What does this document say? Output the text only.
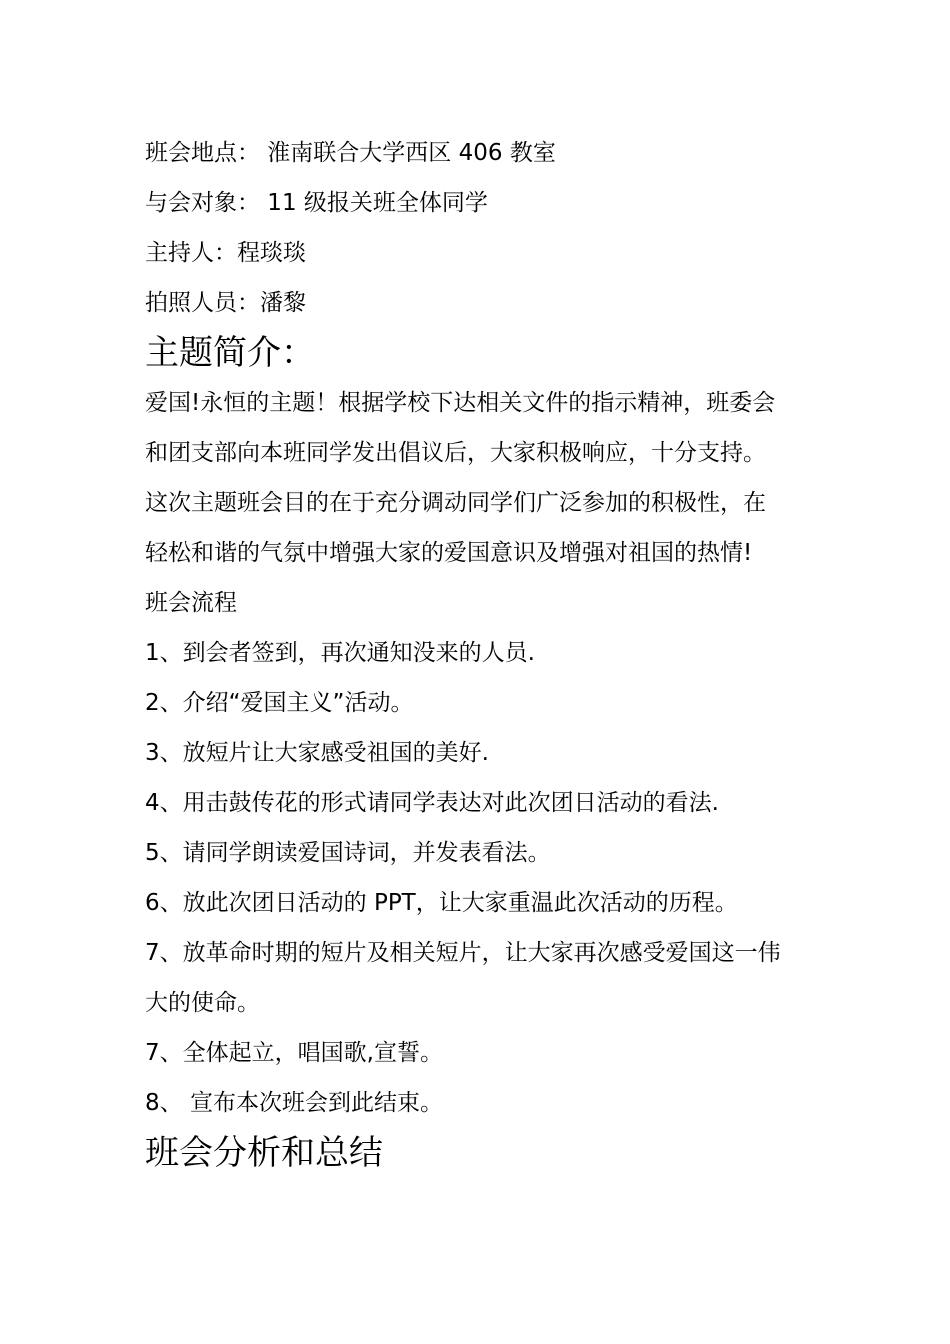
班会地点： 淮南联合大学西区 406 教室
与会对象： 11 级报关班全体同学
主持人：程琰琰
拍照人员：潘黎
主题简介：
爱国!永恒的主题！根据学校下达相关文件的指示精神，班委会
和团支部向本班同学发出倡议后，大家积极响应，十分支持。
这次主题班会目的在于充分调动同学们广泛参加的积极性，在
轻松和谐的气氛中增强大家的爱国意识及增强对祖国的热情!
班会流程
1、到会者签到，再次通知没来的人员.
2、介绍“爱国主义”活动。
3、放短片让大家感受祖国的美好.
4、用击鼓传花的形式请同学表达对此次团日活动的看法.
5、请同学朗读爱国诗词，并发表看法。
6、放此次团日活动的 PPT，让大家重温此次活动的历程。
7、放革命时期的短片及相关短片，让大家再次感受爱国这一伟
大的使命。
7、全体起立，唱国歌,宣誓。
8、 宣布本次班会到此结束。
班会分析和总结
